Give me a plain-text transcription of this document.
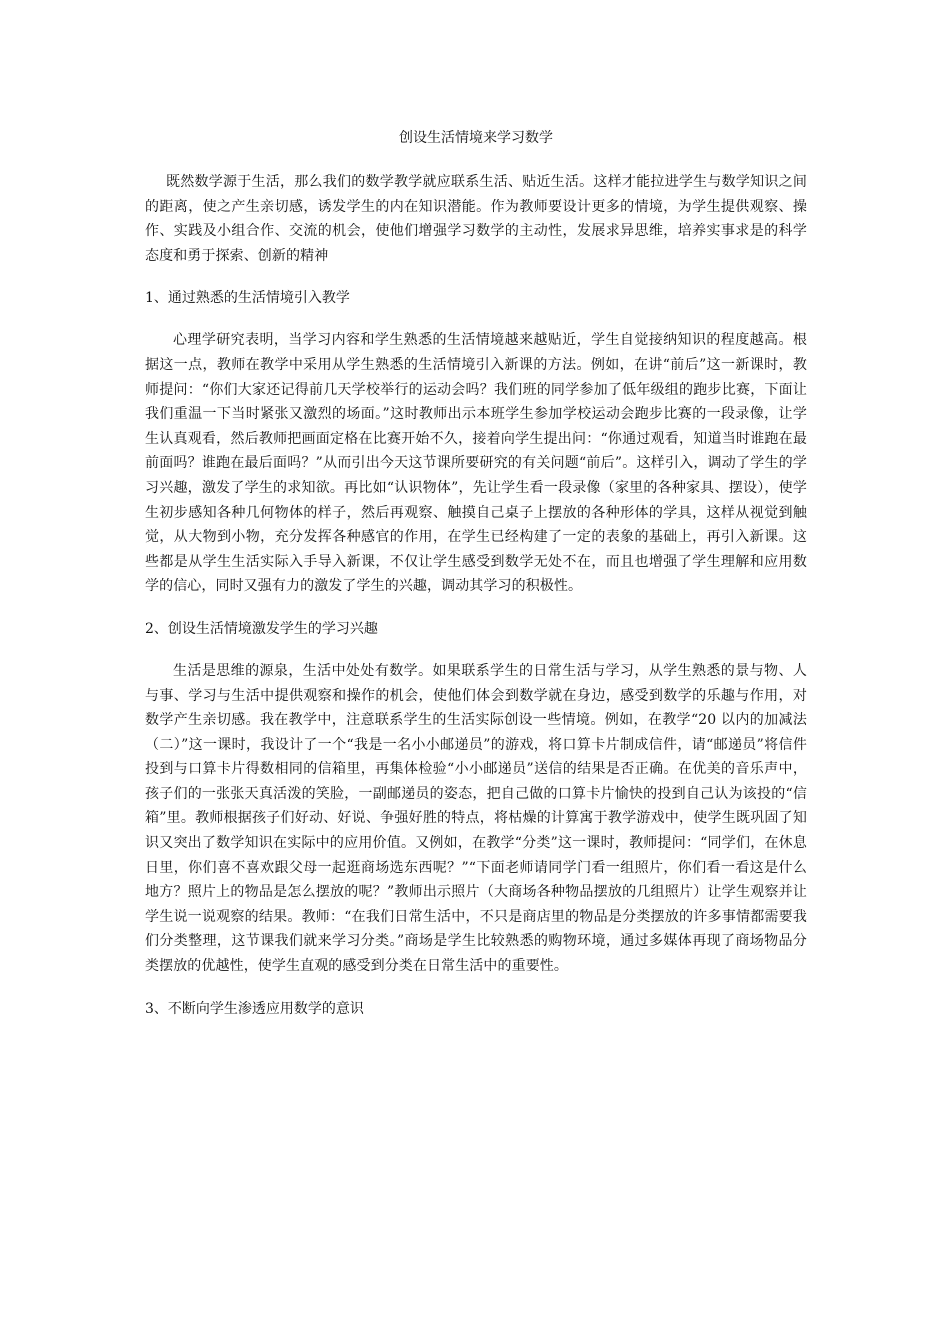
创设生活情境来学习数学

既然数学源于生活，那么我们的数学教学就应联系生活、贴近生活。这样才能拉进学生与数学知识之间的距离，使之产生亲切感，诱发学生的内在知识潜能。作为教师要设计更多的情境，为学生提供观察、操作、实践及小组合作、交流的机会，使他们增强学习数学的主动性，发展求异思维，培养实事求是的科学态度和勇于探索、创新的精神

1、通过熟悉的生活情境引入教学

心理学研究表明，当学习内容和学生熟悉的生活情境越来越贴近，学生自觉接纳知识的程度越高。根据这一点，教师在教学中采用从学生熟悉的生活情境引入新课的方法。例如，在讲“前后”这一新课时，教师提问：“你们大家还记得前几天学校举行的运动会吗？我们班的同学参加了低年级组的跑步比赛，下面让我们重温一下当时紧张又激烈的场面。”这时教师出示本班学生参加学校运动会跑步比赛的一段录像，让学生认真观看，然后教师把画面定格在比赛开始不久，接着向学生提出问：“你通过观看，知道当时谁跑在最前面吗？谁跑在最后面吗？”从而引出今天这节课所要研究的有关问题“前后”。这样引入，调动了学生的学习兴趣，激发了学生的求知欲。再比如“认识物体”，先让学生看一段录像（家里的各种家具、摆设），使学生初步感知各种几何物体的样子，然后再观察、触摸自己桌子上摆放的各种形体的学具，这样从视觉到触觉，从大物到小物，充分发挥各种感官的作用，在学生已经构建了一定的表象的基础上，再引入新课。这些都是从学生生活实际入手导入新课，不仅让学生感受到数学无处不在，而且也增强了学生理解和应用数学的信心，同时又强有力的激发了学生的兴趣，调动其学习的积极性。

2、创设生活情境激发学生的学习兴趣

生活是思维的源泉，生活中处处有数学。如果联系学生的日常生活与学习，从学生熟悉的景与物、人与事、学习与生活中提供观察和操作的机会，使他们体会到数学就在身边，感受到数学的乐趣与作用，对数学产生亲切感。我在教学中，注意联系学生的生活实际创设一些情境。例如，在教学“20 以内的加减法（二）”这一课时，我设计了一个“我是一名小小邮递员”的游戏，将口算卡片制成信件，请“邮递员”将信件投到与口算卡片得数相同的信箱里，再集体检验“小小邮递员”送信的结果是否正确。在优美的音乐声中，孩子们的一张张天真活泼的笑脸，一副邮递员的姿态，把自己做的口算卡片愉快的投到自己认为该投的“信箱”里。教师根据孩子们好动、好说、争强好胜的特点，将枯燥的计算寓于教学游戏中，使学生既巩固了知识又突出了数学知识在实际中的应用价值。又例如，在教学“分类”这一课时，教师提问：“同学们，在休息日里，你们喜不喜欢跟父母一起逛商场选东西呢？”“下面老师请同学门看一组照片，你们看一看这是什么地方？照片上的物品是怎么摆放的呢？”教师出示照片（大商场各种物品摆放的几组照片）让学生观察并让学生说一说观察的结果。教师：“在我们日常生活中，不只是商店里的物品是分类摆放的许多事情都需要我们分类整理，这节课我们就来学习分类。”商场是学生比较熟悉的购物环境，通过多媒体再现了商场物品分类摆放的优越性，使学生直观的感受到分类在日常生活中的重要性。

3、不断向学生渗透应用数学的意识
